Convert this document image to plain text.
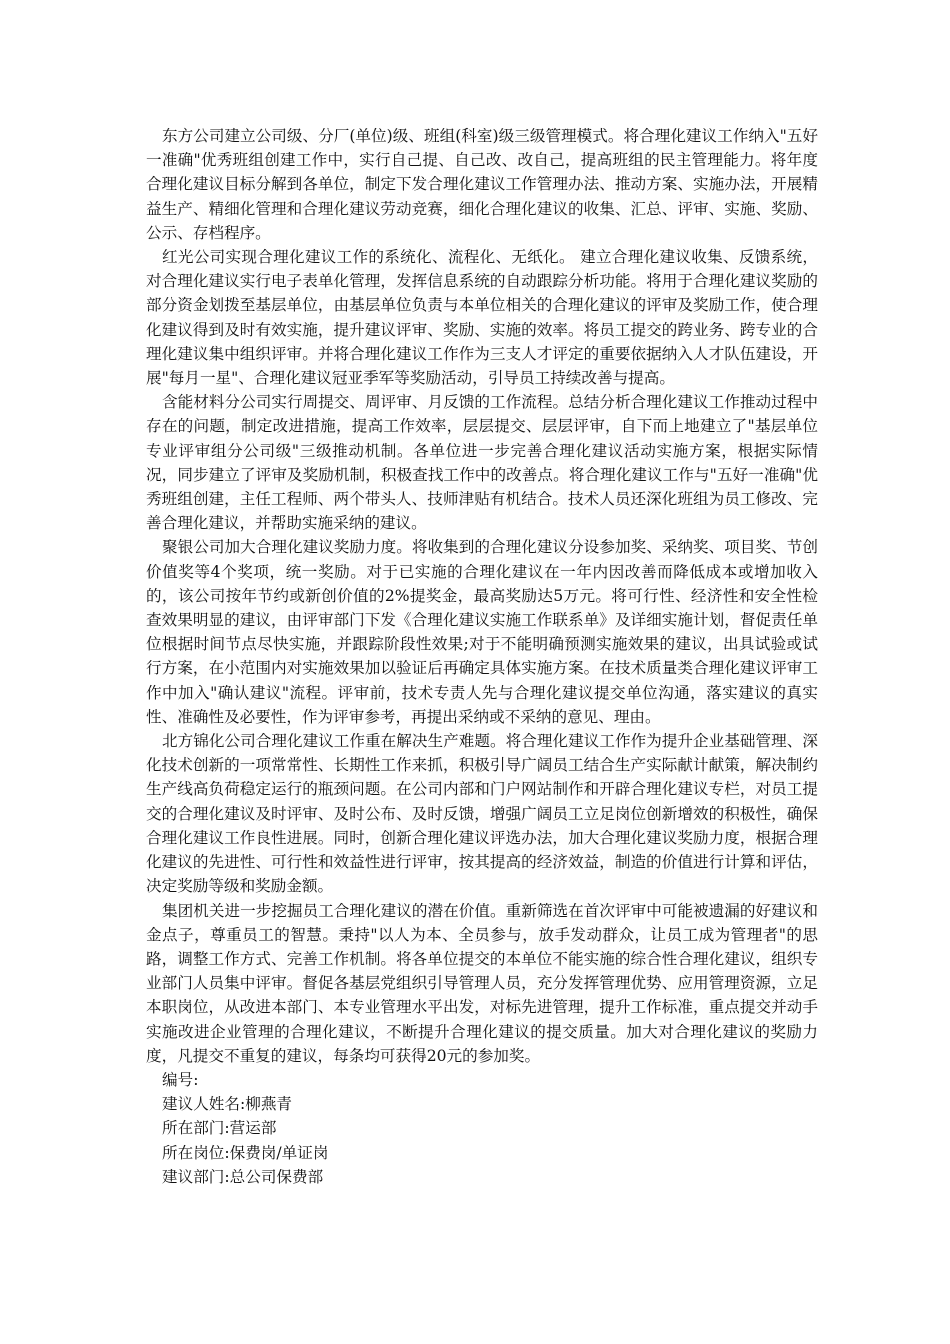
东方公司建立公司级、分厂(单位)级、班组(科室)级三级管理模式。将合理化建议工作纳入"五好一准确"优秀班组创建工作中，实行自己提、自己改、改自己，提高班组的民主管理能力。将年度合理化建议目标分解到各单位，制定下发合理化建议工作管理办法、推动方案、实施办法，开展精益生产、精细化管理和合理化建议劳动竞赛，细化合理化建议的收集、汇总、评审、实施、奖励、公示、存档程序。

红光公司实现合理化建议工作的系统化、流程化、无纸化。 建立合理化建议收集、反馈系统，对合理化建议实行电子表单化管理，发挥信息系统的自动跟踪分析功能。将用于合理化建议奖励的部分资金划拨至基层单位，由基层单位负责与本单位相关的合理化建议的评审及奖励工作，使合理化建议得到及时有效实施，提升建议评审、奖励、实施的效率。将员工提交的跨业务、跨专业的合理化建议集中组织评审。并将合理化建议工作作为三支人才评定的重要依据纳入人才队伍建设，开展"每月一星"、合理化建议冠亚季军等奖励活动，引导员工持续改善与提高。

含能材料分公司实行周提交、周评审、月反馈的工作流程。总结分析合理化建议工作推动过程中存在的问题，制定改进措施，提高工作效率，层层提交、层层评审，自下而上地建立了"基层单位专业评审组分公司级"三级推动机制。各单位进一步完善合理化建议活动实施方案，根据实际情况，同步建立了评审及奖励机制，积极查找工作中的改善点。将合理化建议工作与"五好一准确"优秀班组创建，主任工程师、两个带头人、技师津贴有机结合。技术人员还深化班组为员工修改、完善合理化建议，并帮助实施采纳的建议。

聚银公司加大合理化建议奖励力度。将收集到的合理化建议分设参加奖、采纳奖、项目奖、节创价值奖等4个奖项，统一奖励。对于已实施的合理化建议在一年内因改善而降低成本或增加收入的，该公司按年节约或新创价值的2%提奖金，最高奖励达5万元。将可行性、经济性和安全性检查效果明显的建议，由评审部门下发《合理化建议实施工作联系单》及详细实施计划，督促责任单位根据时间节点尽快实施，并跟踪阶段性效果;对于不能明确预测实施效果的建议，出具试验或试行方案，在小范围内对实施效果加以验证后再确定具体实施方案。在技术质量类合理化建议评审工作中加入"确认建议"流程。评审前，技术专责人先与合理化建议提交单位沟通，落实建议的真实性、准确性及必要性，作为评审参考，再提出采纳或不采纳的意见、理由。

北方锦化公司合理化建议工作重在解决生产难题。将合理化建议工作作为提升企业基础管理、深化技术创新的一项常常性、长期性工作来抓，积极引导广阔员工结合生产实际献计献策，解决制约生产线高负荷稳定运行的瓶颈问题。在公司内部和门户网站制作和开辟合理化建议专栏，对员工提交的合理化建议及时评审、及时公布、及时反馈，增强广阔员工立足岗位创新增效的积极性，确保合理化建议工作良性进展。同时，创新合理化建议评选办法，加大合理化建议奖励力度，根据合理化建议的先进性、可行性和效益性进行评审，按其提高的经济效益，制造的价值进行计算和评估，决定奖励等级和奖励金额。

集团机关进一步挖掘员工合理化建议的潜在价值。重新筛选在首次评审中可能被遗漏的好建议和金点子，尊重员工的智慧。秉持"以人为本、全员参与，放手发动群众，让员工成为管理者"的思路，调整工作方式、完善工作机制。将各单位提交的本单位不能实施的综合性合理化建议，组织专业部门人员集中评审。督促各基层党组织引导管理人员，充分发挥管理优势、应用管理资源，立足本职岗位，从改进本部门、本专业管理水平出发，对标先进管理，提升工作标准，重点提交并动手实施改进企业管理的合理化建议，不断提升合理化建议的提交质量。加大对合理化建议的奖励力度，凡提交不重复的建议，每条均可获得20元的参加奖。

编号:
建议人姓名:柳燕青
所在部门:营运部
所在岗位:保费岗/单证岗
建议部门:总公司保费部
